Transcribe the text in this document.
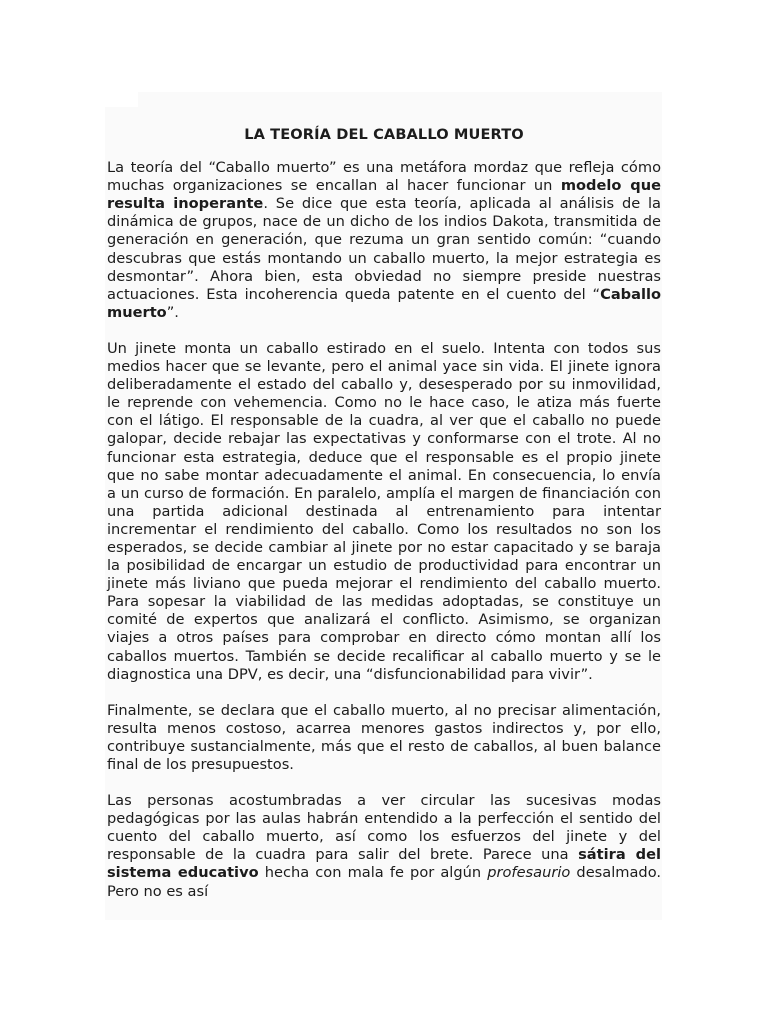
LA TEORÍA DEL CABALLO MUERTO

La teoría del “Caballo muerto” es una metáfora mordaz que refleja cómo muchas organizaciones se encallan al hacer funcionar un modelo que resulta inoperante. Se dice que esta teoría, aplicada al análisis de la dinámica de grupos, nace de un dicho de los indios Dakota, transmitida de generación en generación, que rezuma un gran sentido común: “cuando descubras que estás montando un caballo muerto, la mejor estrategia es desmontar”. Ahora bien, esta obviedad no siempre preside nuestras actuaciones. Esta incoherencia queda patente en el cuento del “Caballo muerto”.

Un jinete monta un caballo estirado en el suelo. Intenta con todos sus medios hacer que se levante, pero el animal yace sin vida. El jinete ignora deliberadamente el estado del caballo y, desesperado por su inmovilidad, le reprende con vehemencia. Como no le hace caso, le atiza más fuerte con el látigo. El responsable de la cuadra, al ver que el caballo no puede galopar, decide rebajar las expectativas y conformarse con el trote. Al no funcionar esta estrategia, deduce que el responsable es el propio jinete que no sabe montar adecuadamente el animal. En consecuencia, lo envía a un curso de formación. En paralelo, amplía el margen de financiación con una partida adicional destinada al entrenamiento para intentar incrementar el rendimiento del caballo. Como los resultados no son los esperados, se decide cambiar al jinete por no estar capacitado y se baraja la posibilidad de encargar un estudio de productividad para encontrar un jinete más liviano que pueda mejorar el rendimiento del caballo muerto. Para sopesar la viabilidad de las medidas adoptadas, se constituye un comité de expertos que analizará el conflicto. Asimismo, se organizan viajes a otros países para comprobar en directo cómo montan allí los caballos muertos. También se decide recalificar al caballo muerto y se le diagnostica una DPV, es decir, una “disfuncionabilidad para vivir”.

Finalmente, se declara que el caballo muerto, al no precisar alimentación, resulta menos costoso, acarrea menores gastos indirectos y, por ello, contribuye sustancialmente, más que el resto de caballos, al buen balance final de los presupuestos.

Las personas acostumbradas a ver circular las sucesivas modas pedagógicas por las aulas habrán entendido a la perfección el sentido del cuento del caballo muerto, así como los esfuerzos del jinete y del responsable de la cuadra para salir del brete. Parece una sátira del sistema educativo hecha con mala fe por algún profesaurio desalmado. Pero no es así
